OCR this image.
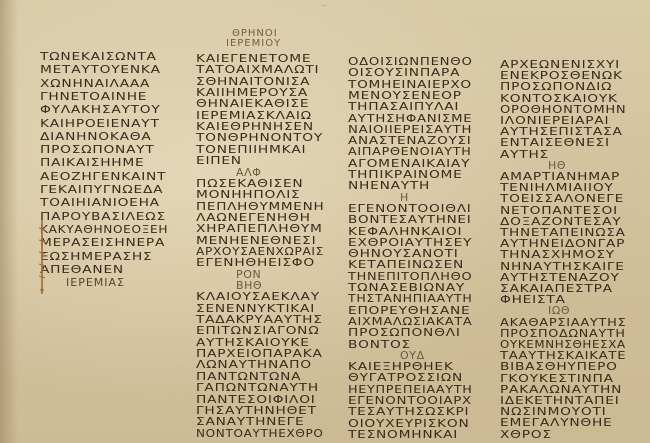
··
ΤΩΝΕΚΑΙΣΩΝΤΑ
ΜΕΤΑΥΤΟΥΕΝΚΑ
ΧΩΝΗΝΑΙΛΑΑΑ
ΓΗΝΕΤΟΑΙΝΗΕ
ΦΥΛΑΚΗΣΑΥΤΟΥ
ΚΑΙΗΡΟΕΙΕΝΑΥΤ
ΔΙΑΝΗΝΟΚΑΘΑ
ΠΡΟΣΩΠΟΝΑΥΤ
ΠΑΙΚΑΙΣΗΗΜΕ
ΑΕΟΖΗΓΕΝΚΑΙΝΤ
ΓΕΚΑΙΠΥΓΝΩΕΔΑ
ΤΟΑΙΗΙΑΝΙΟΕΗΑ
ΠΑΡΟΥΒΑΣΙΛΕΩΣ
ΚΑΚΥΑΘΗΝΟΕΟΞΕΗ
ΜΕΡΑΣΕΙΣΗΝΕΡΑ
ΕΩΣΗΜΕΡΑΣΗΣ
ΑΠΕΘΑΝΕΝ
ΙΕΡΕΜΙΑΣ
ΘΡΗΝΟΙ
ΙΕΡΕΜΙΟΥ
ΚΑΙΕΓΕΝΕΤΟΜΕ
ΤΑΤΟΑΙΧΜΑΛΩΤΙ
ΣΘΗΝΑΙΤΟΝΙΣΑ
ΚΑΙΙΗΜΕΡΟΥΣΑ
ΘΗΝΑΙΕΚΑΘΙΣΕ
ΙΕΡΕΜΙΑΣΚΛΑΙΩ
ΚΑΙΕΘΡΗΝΗΣΕΝ
ΤΟΝΘΡΗΝΟΝΤΟΥ
ΤΟΝΕΠΙΙΗΜΚΑΙ
ΕΙΠΕΝ
ΑΛΦ
ΠΩΣΕΚΑΘΙΣΕΝ
ΜΟΝΗΗΠΟΛΙΣ
ΠΕΠΛΗΘΥΜΜΕΝΗ
ΛΑΩΝΕΓΕΝΗΘΗ
ΧΗΡΑΠΕΠΛΗΘΥΜ
ΜΕΝΗΕΝΕΘΝΕΣΙ
ΑΡΧΟΥΣΑΕΝΧΩΡΑΙΣ
ΕΓΕΝΗΘΗΕΙΣΦΟ
ΡΟΝ
ΒΗΘ
ΚΛΑΙΟΥΣΑΕΚΛΑΥ
ΣΕΝΕΝΝΥΚΤΙΚΑΙ
ΤΑΔΑΚΡΥΑΑΥΤΗΣ
ΕΠΙΤΩΝΣΙΑΓΟΝΩ
ΑΥΤΗΣΚΑΙΟΥΚΕ
ΠΑΡΧΕΙΟΠΑΡΑΚΑ
ΛΩΝΑΥΤΗΝΑΠΟ
ΠΑΝΤΩΝΤΩΝΑ
ΓΑΠΩΝΤΩΝΑΥΤΗ
ΠΑΝΤΕΣΟΙΦΙΛΟΙ
ΓΗΣΑΥΤΗΝΗΘΕΤ
ΣΑΝΑΥΤΗΝΕΓΕ
ΝΟΝΤΟΑΥΤΗΕΧΘΡΟ
ΟΔΟΙΣΙΩΝΠΕΝΘΟ
ΟΙΣΟΥΣΙΝΠΑΡΑ
ΤΟΜΗΕΙΝΑΙΕΡΧΟ
ΜΕΝΟΥΣΕΝΕΟΡ
ΤΗΠΑΣΑΙΠΥΛΑΙ
ΑΥΤΗΣΗΦΑΝΙΣΜΕ
ΝΑΙΟΙΙΕΡΕΙΣΑΥΤΗ
ΑΝΑΣΤΕΝΑΖΟΥΣΙ
ΑΙΠΑΡΘΕΝΟΙΑΥΤΗ
ΑΓΟΜΕΝΑΙΚΑΙΑΥ
ΤΗΠΙΚΡΑΙΝΟΜΕ
ΝΗΕΝΑΥΤΗ
Η
ΕΓΕΝΟΝΤΟΟΙΘΛΙ
ΒΟΝΤΕΣΑΥΤΗΝΕΙ
ΚΕΦΑΛΗΝΚΑΙΟΙ
ΕΧΘΡΟΙΑΥΤΗΣΕΥ
ΘΗΝΟΥΣΑΝΟΤΙ
ΚΕΤΑΠΕΙΝΩΣΕΝ
ΤΗΝΕΠΙΤΟΠΛΗΘΟ
ΤΩΝΑΣΕΒΙΩΝΑΥ
ΤΗΣΤΑΝΗΠΙΑΑΥΤΗ
ΕΠΟΡΕΥΘΗΣΑΝΕ
ΑΙΧΜΑΛΩΣΙΑΚΑΤΑ
ΠΡΟΣΩΠΟΝΘΛΙ
ΒΟΝΤΟΣ
ΟΥΔ
ΚΑΙΕΞΗΡΘΗΕΚ
ΘΥΓΑΤΡΟΣΣΙΩΝ
ΗΕΥΠΡΕΠΕΙΑΑΥΤΗ
ΕΓΕΝΟΝΤΟΟΙΑΡΧ
ΤΕΣΑΥΤΗΣΩΣΚΡΙ
ΟΙΟΥΧΕΥΡΙΣΚΟΝ
ΤΕΣΝΟΜΗΝΚΑΙ
ΑΡΧΕΩΝΕΝΙΣΧΥΙ
ΕΝΕΚΡΟΣΘΕΝΩΚ
ΠΡΟΣΩΠΟΝΔΙΩ
ΚΟΝΤΟΣΚΑΙΟΥΚ
ΟΡΟΘΗΟΝΤΟΜΗΝ
ΙΛΟΝΙΕΡΕΙΑΡΑΙ
ΑΥΤΗΣΕΠΙΣΤΑΣΑ
ΕΝΤΑΙΣΕΘΝΕΣΙ
ΑΥΤΗΣ
ΗΘ
ΑΜΑΡΤΙΑΝΗΜΑΡ
ΤΕΝΙΗΛΜΙΑΙΙΟΥ
ΤΟΕΙΣΣΑΛΟΝΕΓΕ
ΝΕΤΟΠΑΝΤΕΣΟΙ
ΔΟΞΑΖΟΝΤΕΣΑΥ
ΤΗΝΕΤΑΠΕΙΝΩΣΑ
ΑΥΤΗΝΕΙΔΟΝΓΑΡ
ΤΗΝΑΣΧΗΜΟΣΥ
ΝΗΝΑΥΤΗΣΚΑΙΓΕ
ΑΥΤΗΣΤΕΝΑΖΟΥ
ΣΑΚΑΙΑΠΕΣΤΡΑ
ΦΗΕΙΣΤΑ
ΙΩΘ
ΑΚΑΘΑΡΣΙΑΑΥΤΗΣ
ΠΡΟΣΠΟΔΩΝΑΥΤΗ
ΟΥΚΕΜΝΗΣΘΗΕΣΧΑ
ΤΑΑΥΤΗΣΚΑΙΚΑΤΕ
ΒΙΒΑΣΘΗΥΠΕΡΟ
ΓΚΟΥΚΕΣΤΙΝΠΑ
ΡΑΚΑΛΩΝΑΥΤΗΝ
ΙΔΕΚΕΤΗΝΤΑΠΕΙ
ΝΩΣΙΝΜΟΥΟΤΙ
ΕΜΕΓΑΛΥΝΘΗΕ
ΧΘΡΟΣ
